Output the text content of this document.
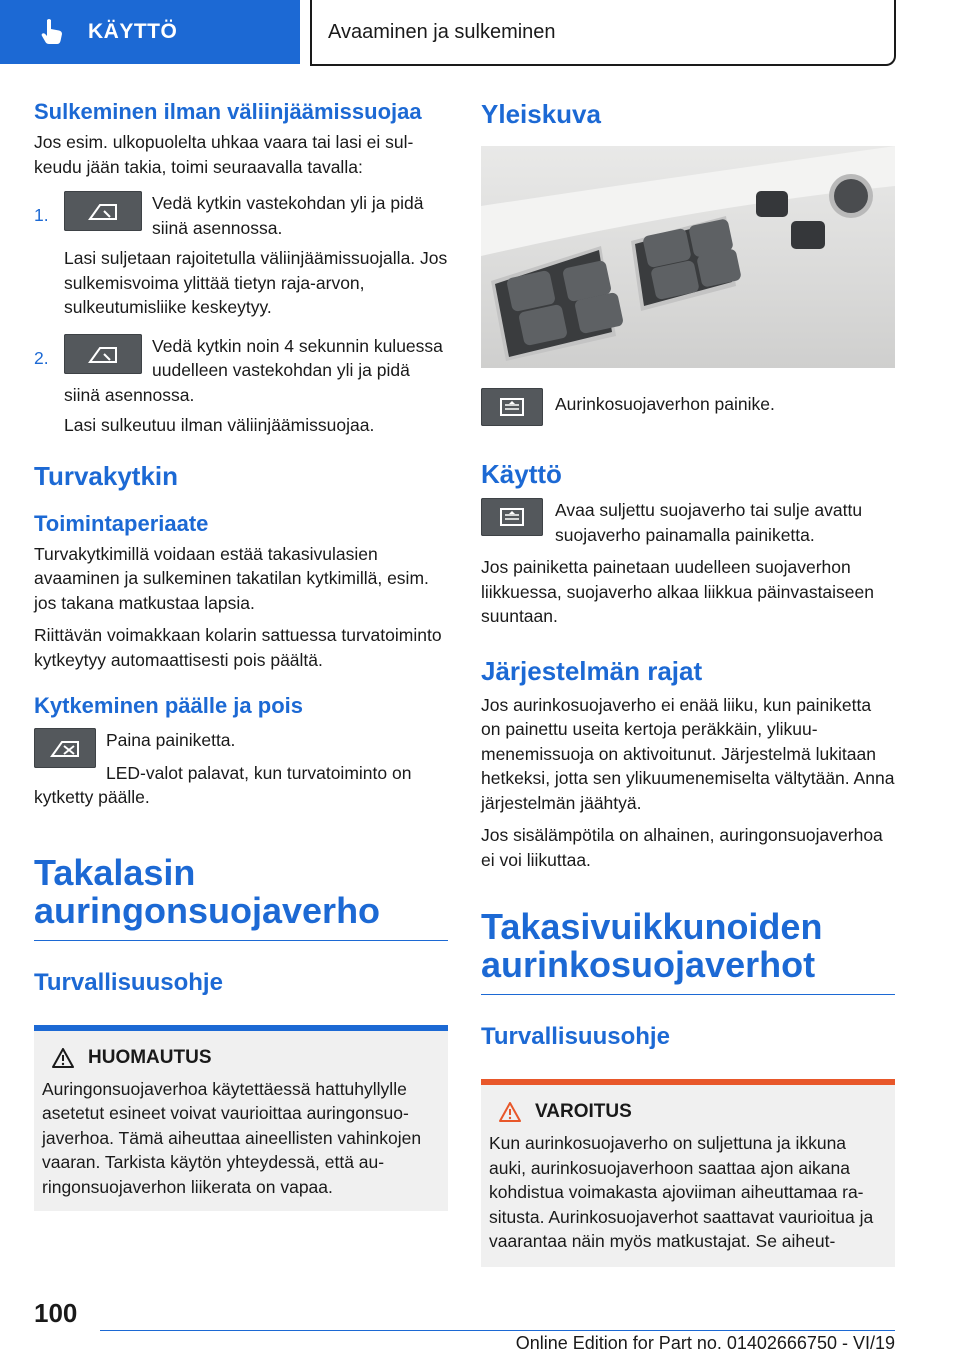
KÄYTTÖ	Avaaminen ja sulkeminen
Sulkeminen ilman väliinjäämissuojaa

Jos esim. ulkopuolelta uhkaa vaara tai lasi ei sulkeudu jään takia, toimi seuraavalla tavalla:

1.

Vedä kytkin vastekohdan yli ja pidä siinä asennossa.

Lasi suljetaan rajoitetulla väliinjäämissuojalla. Jos sulkemisvoima ylittää tietyn raja-arvon, sulkeutumisliike keskeytyy.

2.

Vedä kytkin noin 4 sekunnin kuluessa uudelleen vastekohdan yli ja pidä siinä asennossa.

Lasi sulkeutuu ilman väliinjäämissuojaa.

Turvakytkin
Toimintaperiaate

Turvakytkimillä voidaan estää takasivulasien avaaminen ja sulkeminen takatilan kytkimillä, esim. jos takana matkustaa lapsia.

Riittävän voimakkaan kolarin sattuessa turvatoiminto kytkeytyy automaattisesti pois päältä.

Kytkeminen päälle ja pois

Paina painiketta.

LED-valot palavat, kun turvatoiminto on kytketty päälle.

Takalasin auringonsuojaverho
Turvallisuusohje
HUOMAUTUS

Auringonsuojaverhoa käytettäessä hattuhyllylle asetetut esineet voivat vaurioittaa auringonsuojaverhoa. Tämä aiheuttaa aineellisten vahinkojen vaaran. Tarkista käytön yhteydessä, että auringonsuojaverhon liikerata on vapaa.

Yleiskuva

Aurinkosuojaverhon painike.

Käyttö

Avaa suljettu suojaverho tai sulje avattu suojaverho painamalla painiketta.

Jos painiketta painetaan uudelleen suojaverhon liikkuessa, suojaverho alkaa liikkua päinvastaiseen suuntaan.

Järjestelmän rajat

Jos aurinkosuojaverho ei enää liiku, kun painiketta on painettu useita kertoja peräkkäin, ylikuumenemissuoja on aktivoitunut. Järjestelmä lukitaan hetkeksi, jotta sen ylikuumenemiselta vältytään. Anna järjestelmän jäähtyä.

Jos sisälämpötila on alhainen, auringonsuojaverhoa ei voi liikuttaa.

Takasivuikkunoiden aurinkosuojaverhot
Turvallisuusohje
VAROITUS

Kun aurinkosuojaverho on suljettuna ja ikkuna auki, aurinkosuojaverhoon saattaa ajon aikana kohdistua voimakasta ajoviiman aiheuttamaa rasitusta. Aurinkosuojaverhot saattavat vaurioitua ja vaarantaa näin myös matkustajat. Se aiheut-

100
Online Edition for Part no. 01402666750 - VI/19
